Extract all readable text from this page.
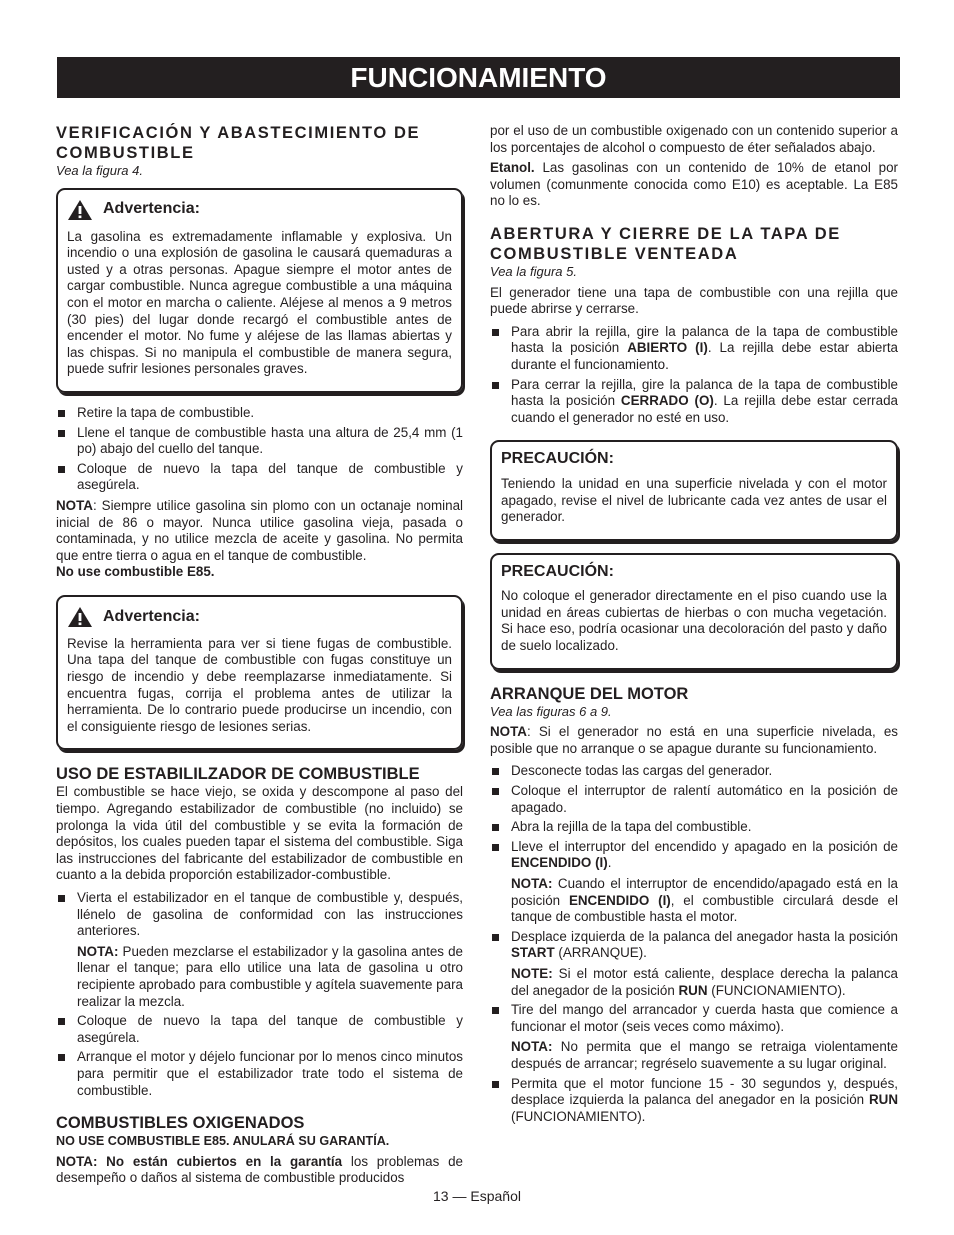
FUNCIONAMIENTO
VERIFICACIÓN Y ABASTECIMIENTO DE COMBUSTIBLE
Vea la figura 4.
Advertencia:

La gasolina es extremadamente inflamable y explosiva. Un incendio o una explosión de gasolina le causará quemaduras a usted y a otras personas. Apague siempre el motor antes de cargar combustible. Nunca agregue combustible a una máquina con el motor en marcha o caliente. Aléjese al menos a 9 metros (30 pies) del lugar donde recargó el combustible antes de encender el motor. No fume y aléjese de las llamas abiertas y las chispas. Si no manipula el combustible de manera segura, puede sufrir lesiones personales graves.

Retire la tapa de combustible.
Llene el tanque de combustible hasta una altura de 25,4 mm (1 po) abajo del cuello del tanque.
Coloque de nuevo la tapa del tanque de combustible y asegúrela.

NOTA: Siempre utilice gasolina sin plomo con un octanaje nominal inicial de 86 o mayor. Nunca utilice gasolina vieja, pasada o contaminada, y no utilice mezcla de aceite y gasolina. No permita que entre tierra o agua en el tanque de combustible.
No use combustible E85.

Advertencia:

Revise la herramienta para ver si tiene fugas de combustible. Una tapa del tanque de combustible con fugas constituye un riesgo de incendio y debe reemplazarse inmediatamente. Si encuentra fugas, corrija el problema antes de utilizar la herramienta. De lo contrario puede producirse un incendio, con el consiguiente riesgo de lesiones serias.

USO DE ESTABILILZADOR DE COMBUSTIBLE

El combustible se hace viejo, se oxida y descompone al paso del tiempo. Agregando estabilizador de combustible (no incluido) se prolonga la vida útil del combustible y se evita la formación de depósitos, los cuales pueden tapar el sistema del combustible. Siga las instrucciones del fabricante del estabilizador de combustible en cuanto a la debida proporción estabilizador-combustible.

Vierta el estabilizador en el tanque de combustible y, después, llénelo de gasolina de conformidad con las instrucciones anteriores.
NOTA: Pueden mezclarse el estabilizador y la gasolina antes de llenar el tanque; para ello utilice una lata de gasolina u otro recipiente aprobado para combustible y agítela suavemente para realizar la mezcla.
Coloque de nuevo la tapa del tanque de combustible y asegúrela.
Arranque el motor y déjelo funcionar por lo menos cinco minutos para permitir que el estabilizador trate todo el sistema de combustible.
COMBUSTIBLES OXIGENADOS

NO USE COMBUSTIBLE E85. ANULARÁ SU GARANTÍA.

NOTA: No están cubiertos en la garantía los problemas de desempeño o daños al sistema de combustible producidos

por el uso de un combustible oxigenado con un contenido superior a los porcentajes de alcohol o compuesto de éter señalados abajo.

Etanol. Las gasolinas con un contenido de 10% de etanol por volumen (comunmente conocida como E10) es aceptable. La E85 no lo es.

ABERTURA Y CIERRE DE LA TAPA DE COMBUSTIBLE VENTEADA
Vea la figura 5.

El generador tiene una tapa de combustible con una rejilla que puede abrirse y cerrarse.

Para abrir la rejilla, gire la palanca de la tapa de combustible hasta la posición ABIERTO (I). La rejilla debe estar abierta durante el funcionamiento.
Para cerrar la rejilla, gire la palanca de la tapa de combustible hasta la posición CERRADO (O). La rejilla debe estar cerrada cuando el generador no esté en uso.
PRECAUCIÓN:

Teniendo la unidad en una superficie nivelada y con el motor apagado, revise el nivel de lubricante cada vez antes de usar el generador.

PRECAUCIÓN:

No coloque el generador directamente en el piso cuando use la unidad en áreas cubiertas de hierbas o con mucha vegetación. Si hace eso, podría ocasionar una decoloración del pasto y daño de suelo localizado.

ARRANQUE DEL MOTOR
Vea las figuras 6 a 9.

NOTA: Si el generador no está en una superficie nivelada, es posible que no arranque o se apague durante su funcionamiento.

Desconecte todas las cargas del generador.
Coloque el interruptor de ralentí automático en la posición de apagado.
Abra la rejilla de la tapa del combustible.
Lleve el interruptor del encendido y apagado en la posición de ENCENDIDO (I).
NOTA: Cuando el interruptor de encendido/apagado está en la posición ENCENDIDO (I), el combustible circulará desde el tanque de combustible hasta el motor.
Desplace izquierda de la palanca del anegador hasta la posición START (ARRANQUE).
NOTE: Si el motor está caliente, desplace derecha la palanca del anegador de la posición RUN (FUNCIONAMIENTO).
Tire del mango del arrancador y cuerda hasta que comience a funcionar el motor (seis veces como máximo).
NOTA: No permita que el mango se retraiga violentamente después de arrancar; regréselo suavemente a su lugar original.
Permita que el motor funcione 15 - 30 segundos y, después, desplace izquierda la palanca del anegador en la posición RUN (FUNCIONAMIENTO).
13 — Español
